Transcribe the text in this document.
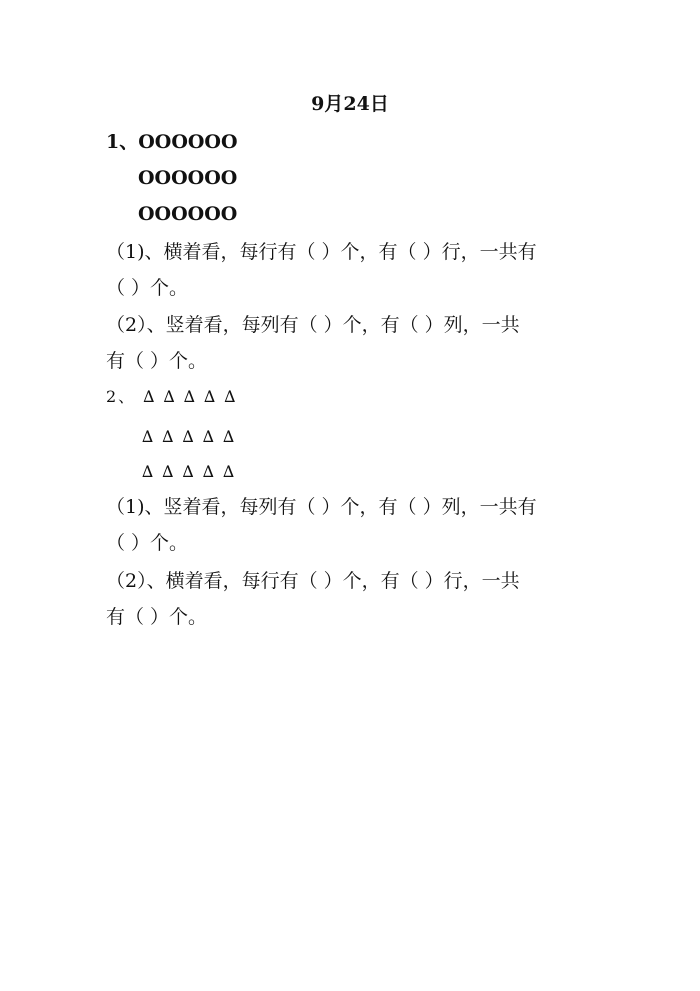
9月24日
1、OOOOOO
OOOOOO
OOOOOO
（1)、横着看，每行有（ ）个，有（ ）行，一共有
（ ）个。
（2）、竖着看，每列有（ ）个，有（ ）列，一共
有（ ）个。
2、 ∆ ∆ ∆ ∆ ∆
∆ ∆ ∆ ∆ ∆
∆ ∆ ∆ ∆ ∆
（1)、竖着看，每列有（ ）个，有（ ）列，一共有
（ ）个。
（2）、横着看，每行有（ ）个，有（ ）行，一共
有（ ）个。
